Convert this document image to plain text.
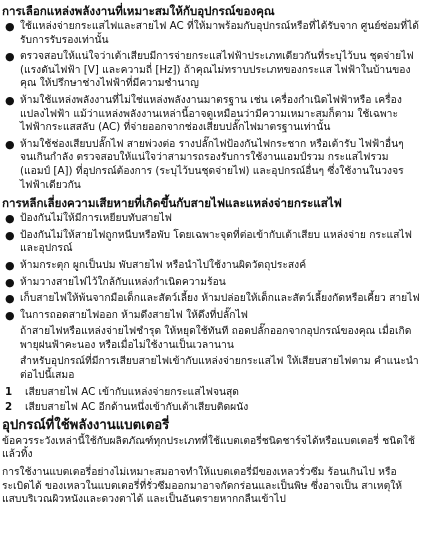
การเลือกแหล่งพลังงานที่เหมาะสมให้กับอุปกรณ์ของคุณ
● ใช้แหล่งจ่ายกระแสไฟและสายไฟ AC ที่ให้มาพร้อมกับอุปกรณ์หรือที่ได้รับจาก ศูนย์ซ่อมที่ได้รับการรับรองเท่านั้น
● ตรวจสอบให้แน่ใจว่าเต้าเสียบมีการจ่ายกระแสไฟฟ้าประเภทเดียวกันที่ระบุไว้บน ชุดจ่ายไฟ (แรงดันไฟฟ้า [V] และความถี่ [Hz]) ถ้าคุณไม่ทราบประเภทของกระแส ไฟฟ้าในบ้านของคุณ ให้ปรึกษาช่างไฟฟ้าที่มีความชำนาญ
● ห้ามใช้แหล่งพลังงานที่ไม่ใช่แหล่งพลังงานมาตรฐาน เช่น เครื่องกำเนิดไฟฟ้าหรือ เครื่องแปลงไฟฟ้า แม้ว่าแหล่งพลังงานเหล่านี้อาจดูเหมือนว่ามีความเหมาะสมก็ตาม ใช้เฉพาะไฟฟ้ากระแสสลับ (AC) ที่จ่ายออกจากช่องเสียบปลั๊กไฟมาตรฐานเท่านั้น
● ห้ามใช้ช่องเสียบปลั๊กไฟ สายพ่วงต่อ รางปลั๊กไฟป้องกันไฟกระชาก หรือเต้ารับ ไฟฟ้าอื่นๆ จนเกินกำลัง ตรวจสอบให้แน่ใจว่าสามารถรองรับการใช้งานแอมป์รวม กระแสไฟรวม (แอมป์ [A]) ที่อุปกรณ์ต้องการ (ระบุไว้บนชุดจ่ายไฟ) และอุปกรณ์อื่นๆ ซึ่งใช้งานในวงจรไฟฟ้าเดียวกัน
การหลีกเลี่ยงความเสียหายที่เกิดขึ้นกับสายไฟและแหล่งจ่ายกระแสไฟ
● ป้องกันไม่ให้มีการเหยียบทับสายไฟ
● ป้องกันไม่ให้สายไฟถูกหนีบหรือพับ โดยเฉพาะจุดที่ต่อเข้ากับเต้าเสียบ แหล่งจ่าย กระแสไฟ และอุปกรณ์
● ห้ามกระตุก ผูกเป็นปม พับสายไฟ หรือนำไปใช้งานผิดวัตถุประสงค์
● ห้ามวางสายไฟไว้ใกล้กับแหล่งกำเนิดความร้อน
● เก็บสายไฟให้พ้นจากมือเด็กและสัตว์เลี้ยง ห้ามปล่อยให้เด็กและสัตว์เลี้ยงกัดหรือเคี้ยว สายไฟ
● ในการถอดสายไฟออก ห้ามดึงสายไฟ ให้ดึงที่ปลั๊กไฟ
ถ้าสายไฟหรือแหล่งจ่ายไฟชำรุด ให้หยุดใช้ทันที ถอดปลั๊กออกจากอุปกรณ์ของคุณ เมื่อเกิดพายุฝนฟ้าคะนอง หรือเมื่อไม่ใช้งานเป็นเวลานาน
สำหรับอุปกรณ์ที่มีการเสียบสายไฟเข้ากับแหล่งจ่ายกระแสไฟ ให้เสียบสายไฟตาม คำแนะนำต่อไปนี้เสมอ
1	เสียบสายไฟ AC เข้ากับแหล่งจ่ายกระแสไฟจนสุด
2	เสียบสายไฟ AC อีกด้านหนึ่งเข้ากับเต้าเสียบติดผนัง
อุปกรณ์ที่ใช้พลังงานแบตเตอรี่
ข้อควรระวังเหล่านี้ใช้กับผลิตภัณฑ์ทุกประเภทที่ใช้แบตเตอรี่ชนิดชาร์จได้หรือแบตเตอรี่ ชนิดใช้แล้วทิ้ง
การใช้งานแบตเตอรี่อย่างไม่เหมาะสมอาจทำให้แบตเตอรี่มีของเหลวรั่วซึม ร้อนเกินไป หรือระเบิดได้ ของเหลวในแบตเตอรี่ที่รั่วซึมออกมาอาจกัดกร่อนและเป็นพิษ ซึ่งอาจเป็น สาเหตุให้แสบบริเวณผิวหนังและดวงตาได้ และเป็นอันตรายหากกลืนเข้าไป
